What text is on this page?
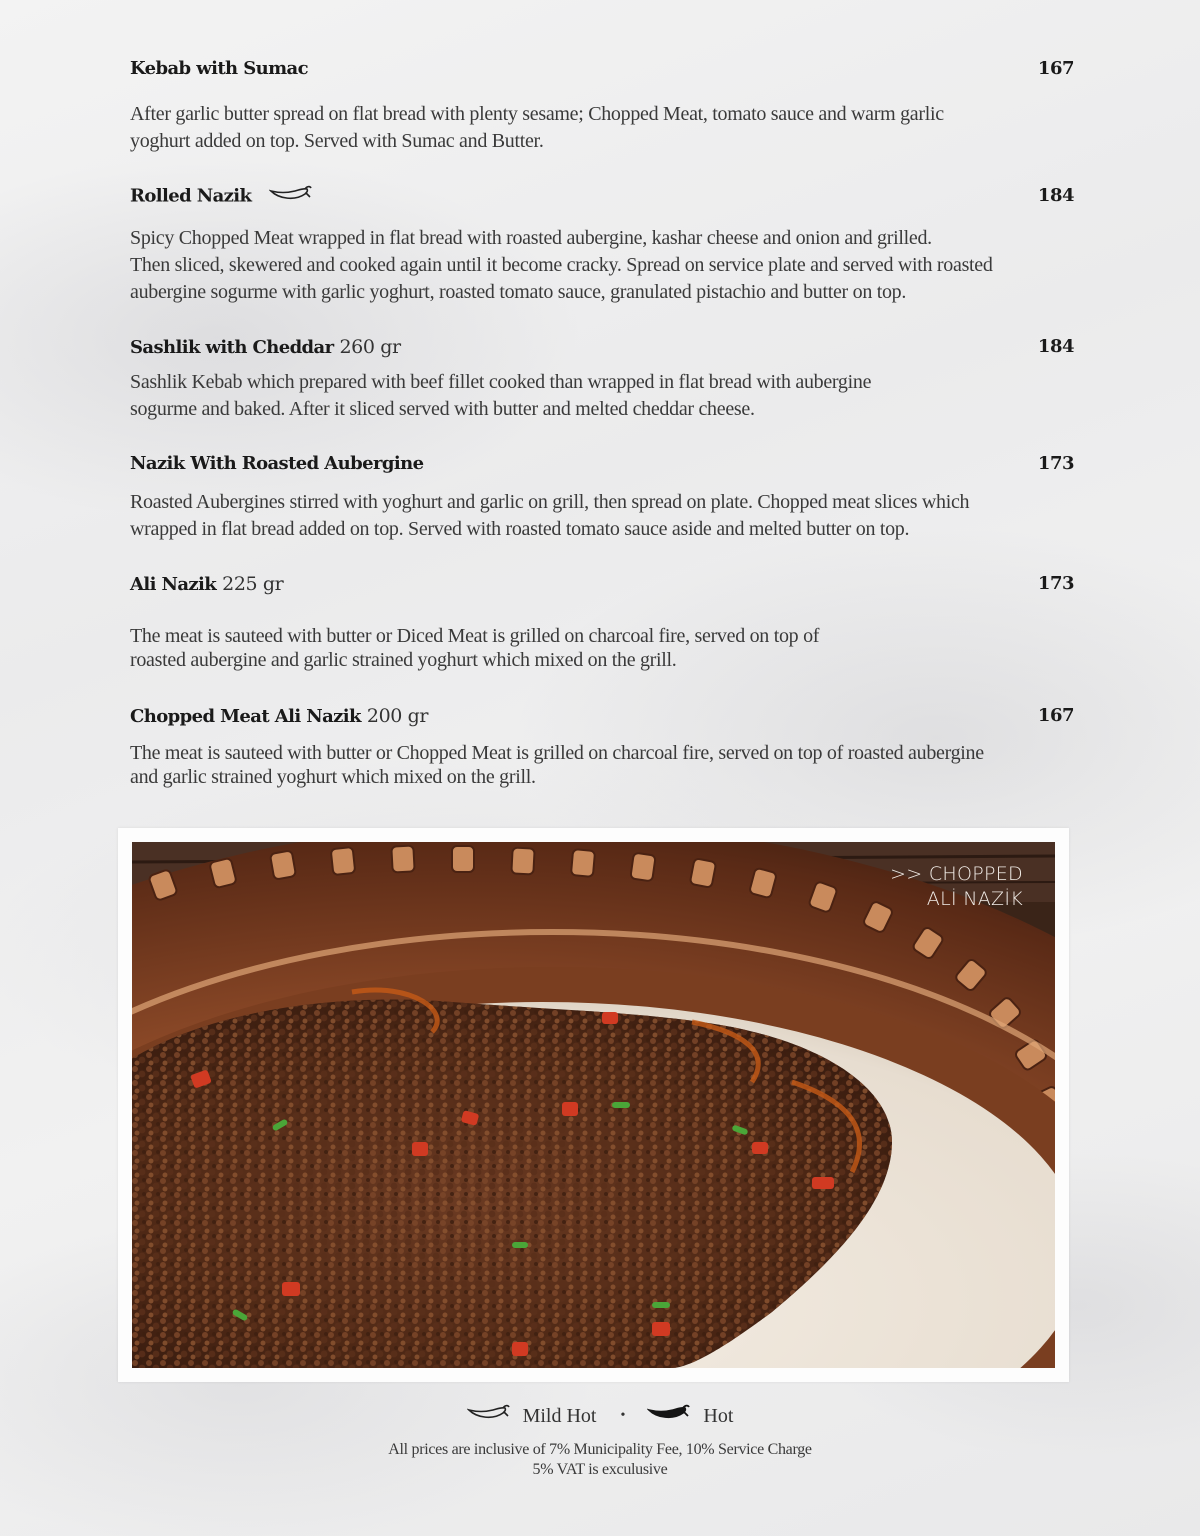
Kebab with Sumac	167

After garlic butter spread on flat bread with plenty sesame; Chopped Meat, tomato sauce and warm garlic
yoghurt added on top. Served with Sumac and Butter.

Rolled Nazik	184

Spicy Chopped Meat wrapped in flat bread with roasted aubergine, kashar cheese and onion and grilled.
Then sliced, skewered and cooked again until it become cracky. Spread on service plate and served with roasted
aubergine sogurme with garlic yoghurt, roasted tomato sauce, granulated pistachio and butter on top.

Sashlik with Cheddar 260 gr	184

Sashlik Kebab which prepared with beef fillet cooked than wrapped in flat bread with aubergine
sogurme and baked. After it sliced served with butter and melted cheddar cheese.

Nazik With Roasted Aubergine	173

Roasted Aubergines stirred with yoghurt and garlic on grill, then spread on plate. Chopped meat slices which
wrapped in flat bread added on top. Served with roasted tomato sauce aside and melted butter on top.

Ali Nazik 225 gr	173

The meat is sauteed with butter or Diced Meat is grilled on charcoal fire, served on top of
roasted aubergine and garlic strained yoghurt which mixed on the grill.

Chopped Meat Ali Nazik 200 gr	167

The meat is sauteed with butter or Chopped Meat is grilled on charcoal fire, served on top of roasted aubergine
and garlic strained yoghurt which mixed on the grill.

>> CHOPPED
ALİ NAZİK
Mild Hot •	Hot
All prices are inclusive of 7% Municipality Fee, 10% Service Charge
5% VAT is exculusive
